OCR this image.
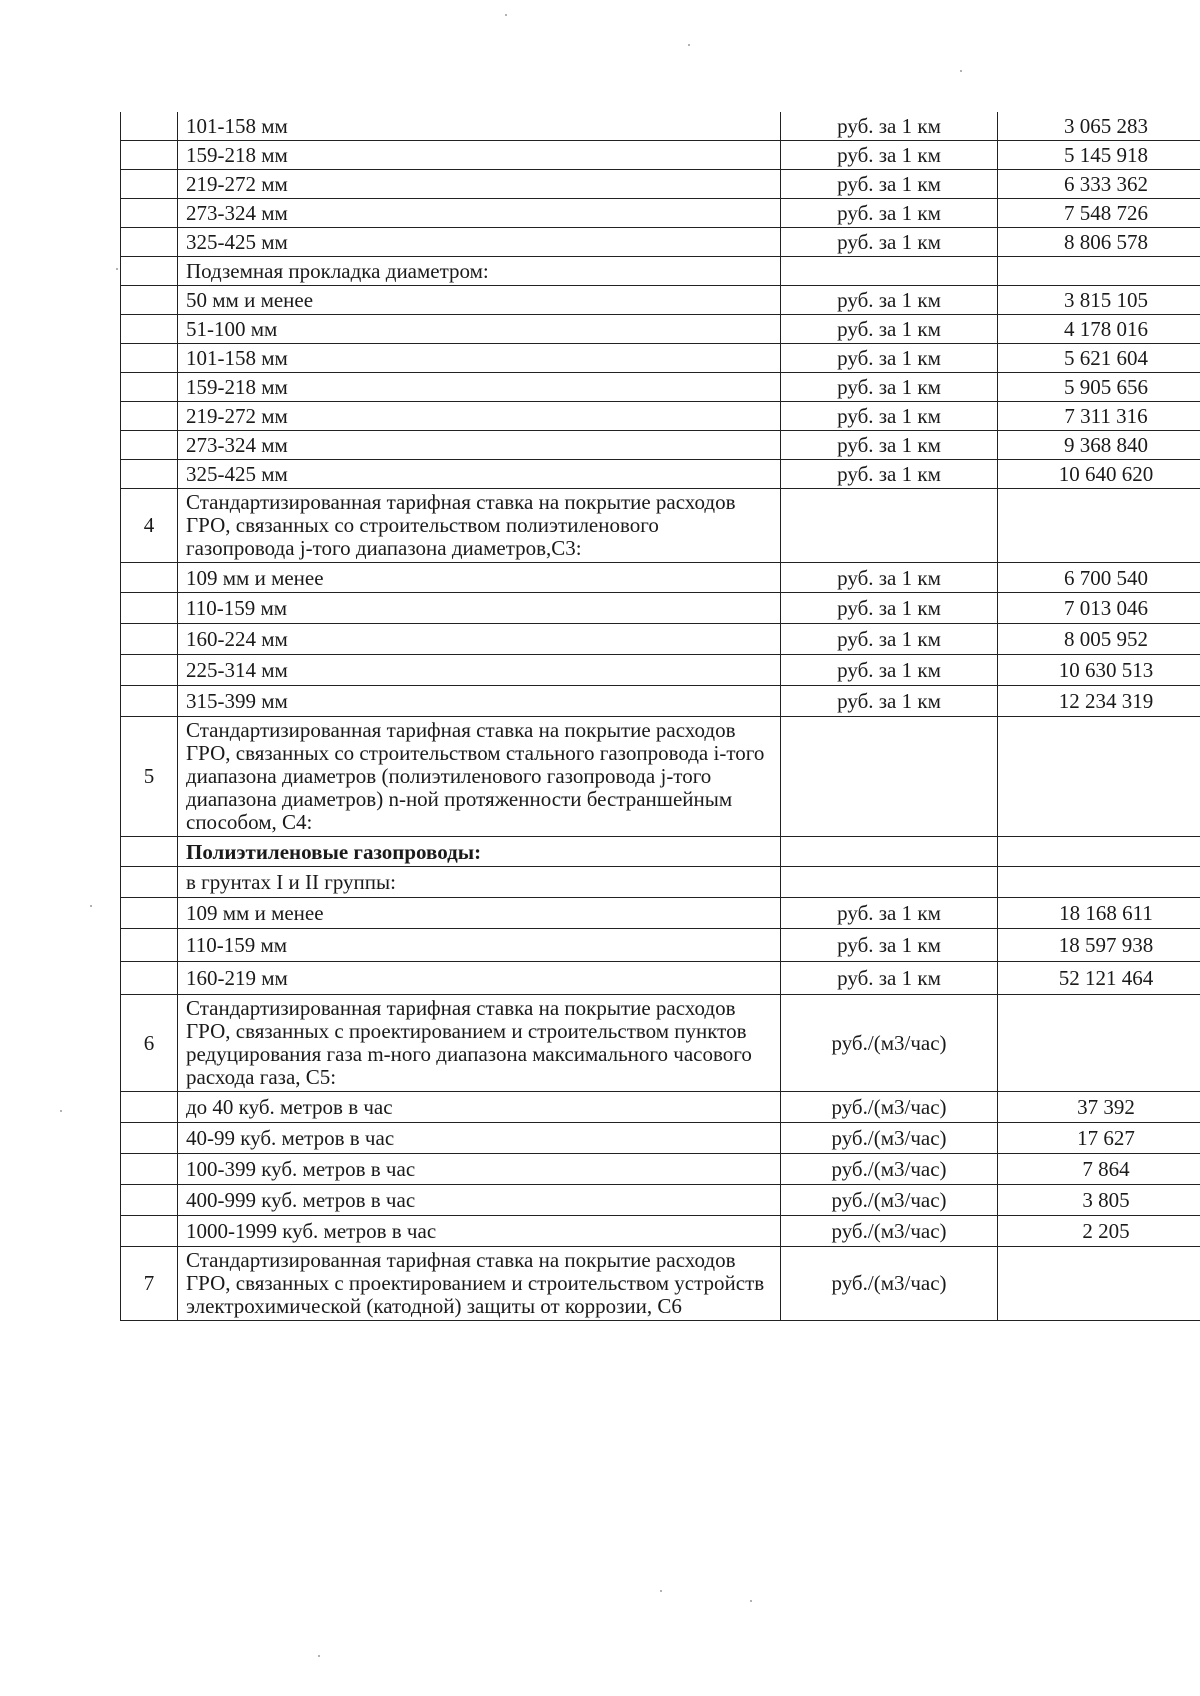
	101-158 мм	руб. за 1 км	3 065 283
	159-218 мм	руб. за 1 км	5 145 918
	219-272 мм	руб. за 1 км	6 333 362
	273-324 мм	руб. за 1 км	7 548 726
	325-425 мм	руб. за 1 км	8 806 578
	Подземная прокладка диаметром:		
	50 мм и менее	руб. за 1 км	3 815 105
	51-100 мм	руб. за 1 км	4 178 016
	101-158 мм	руб. за 1 км	5 621 604
	159-218 мм	руб. за 1 км	5 905 656
	219-272 мм	руб. за 1 км	7 311 316
	273-324 мм	руб. за 1 км	9 368 840
	325-425 мм	руб. за 1 км	10 640 620
4	Стандартизированная тарифная ставка на покрытие расходов ГРО, связанных со строительством полиэтиленового газопровода j-того диапазона диаметров,С3:		
	109 мм и менее	руб. за 1 км	6 700 540
	110-159 мм	руб. за 1 км	7 013 046
	160-224 мм	руб. за 1 км	8 005 952
	225-314 мм	руб. за 1 км	10 630 513
	315-399 мм	руб. за 1 км	12 234 319
5	Стандартизированная тарифная ставка на покрытие расходов ГРО, связанных со строительством стального газопровода i-того диапазона диаметров (полиэтиленового газопровода j-того диапазона диаметров) n-ной протяженности бестраншейным способом, С4:		
	Полиэтиленовые газопроводы:		
	в грунтах I и II группы:		
	109 мм и менее	руб. за 1 км	18 168 611
	110-159 мм	руб. за 1 км	18 597 938
	160-219 мм	руб. за 1 км	52 121 464
6	Стандартизированная тарифная ставка на покрытие расходов ГРО, связанных с проектированием и строительством пунктов редуцирования газа m-ного диапазона максимального часового расхода газа, С5:	руб./(м3/час)	
	до 40 куб. метров в час	руб./(м3/час)	37 392
	40-99 куб. метров в час	руб./(м3/час)	17 627
	100-399 куб. метров в час	руб./(м3/час)	7 864
	400-999 куб. метров в час	руб./(м3/час)	3 805
	1000-1999 куб. метров в час	руб./(м3/час)	2 205
7	Стандартизированная тарифная ставка на покрытие расходов ГРО, связанных с проектированием и строительством устройств электрохимической (катодной) защиты от коррозии, С6	руб./(м3/час)	
